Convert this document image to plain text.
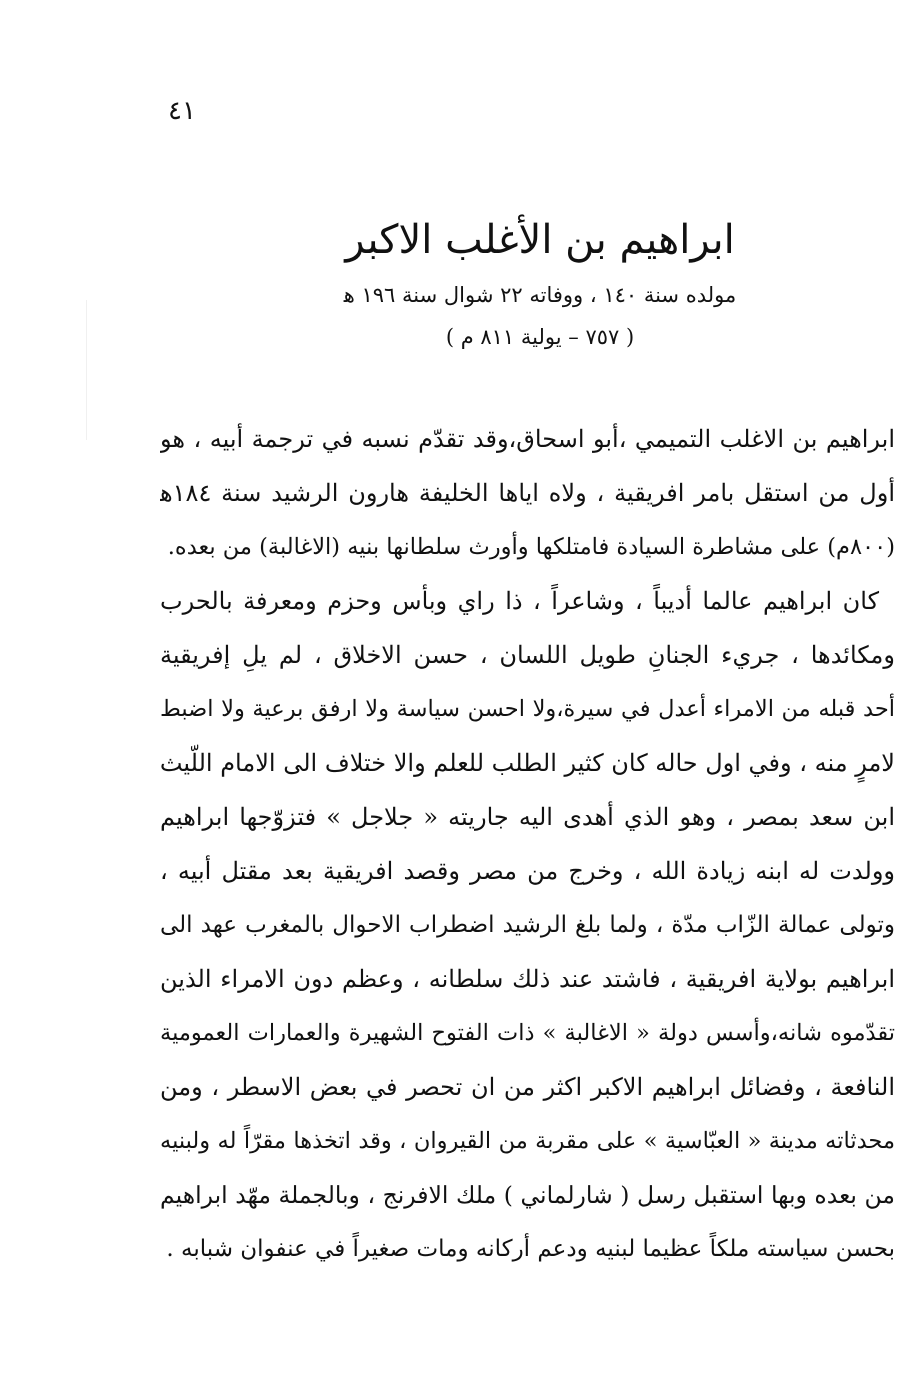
٤١
ابراهيم بن الأغلب الاكبر
مولده سنة ١٤٠ ، ووفاته ٢٢ شوال سنة ١٩٦ ﻫ
( ٧٥٧ – يولية ٨١١ م )
ابراهيم بن الاغلب التميمي ،أبو اسحاق،وقد تقدّم نسبه في ترجمة أبيه ، هو
أول من استقل بامر افريقية ، ولاه اياها الخليفة هارون الرشيد سنة ١٨٤ﻫ
(٨٠٠م) على مشاطرة السيادة فامتلكها وأورث سلطانها بنيه (الاغالبة) من بعده.
كان ابراهيم عالما أديباً ، وشاعراً ، ذا راي وبأس وحزم ومعرفة بالحرب
ومكائدها ، جريء الجنانِ طويل اللسان ، حسن الاخلاق ، لم يلِ إفريقية
أحد قبله من الامراء أعدل في سيرة،ولا احسن سياسة ولا ارفق برعية ولا اضبط
لامرٍ منه ، وفي اول حاله كان كثير الطلب للعلم والا ختلاف الى الامام اللّيث
ابن سعد بمصر ، وهو الذي أهدى اليه جاريته « جلاجل » فتزوّجها ابراهيم
وولدت له ابنه زيادة الله ، وخرج من مصر وقصد افريقية بعد مقتل أبيه ،
وتولى عمالة الزّاب مدّة ، ولما بلغ الرشيد اضطراب الاحوال بالمغرب عهد الى
ابراهيم بولاية افريقية ، فاشتد عند ذلك سلطانه ، وعظم دون الامراء الذين
تقدّموه شانه،وأسس دولة « الاغالبة » ذات الفتوح الشهيرة والعمارات العمومية
النافعة ، وفضائل ابراهيم الاكبر اكثر من ان تحصر في بعض الاسطر ، ومن
محدثاته مدينة « العبّاسية » على مقربة من القيروان ، وقد اتخذها مقرّاً له ولبنيه
من بعده وبها استقبل رسل ( شارلماني ) ملك الافرنج ، وبالجملة مهّد ابراهيم
بحسن سياسته ملكاً عظيما لبنيه ودعم أركانه ومات صغيراً في عنفوان شبابه .
